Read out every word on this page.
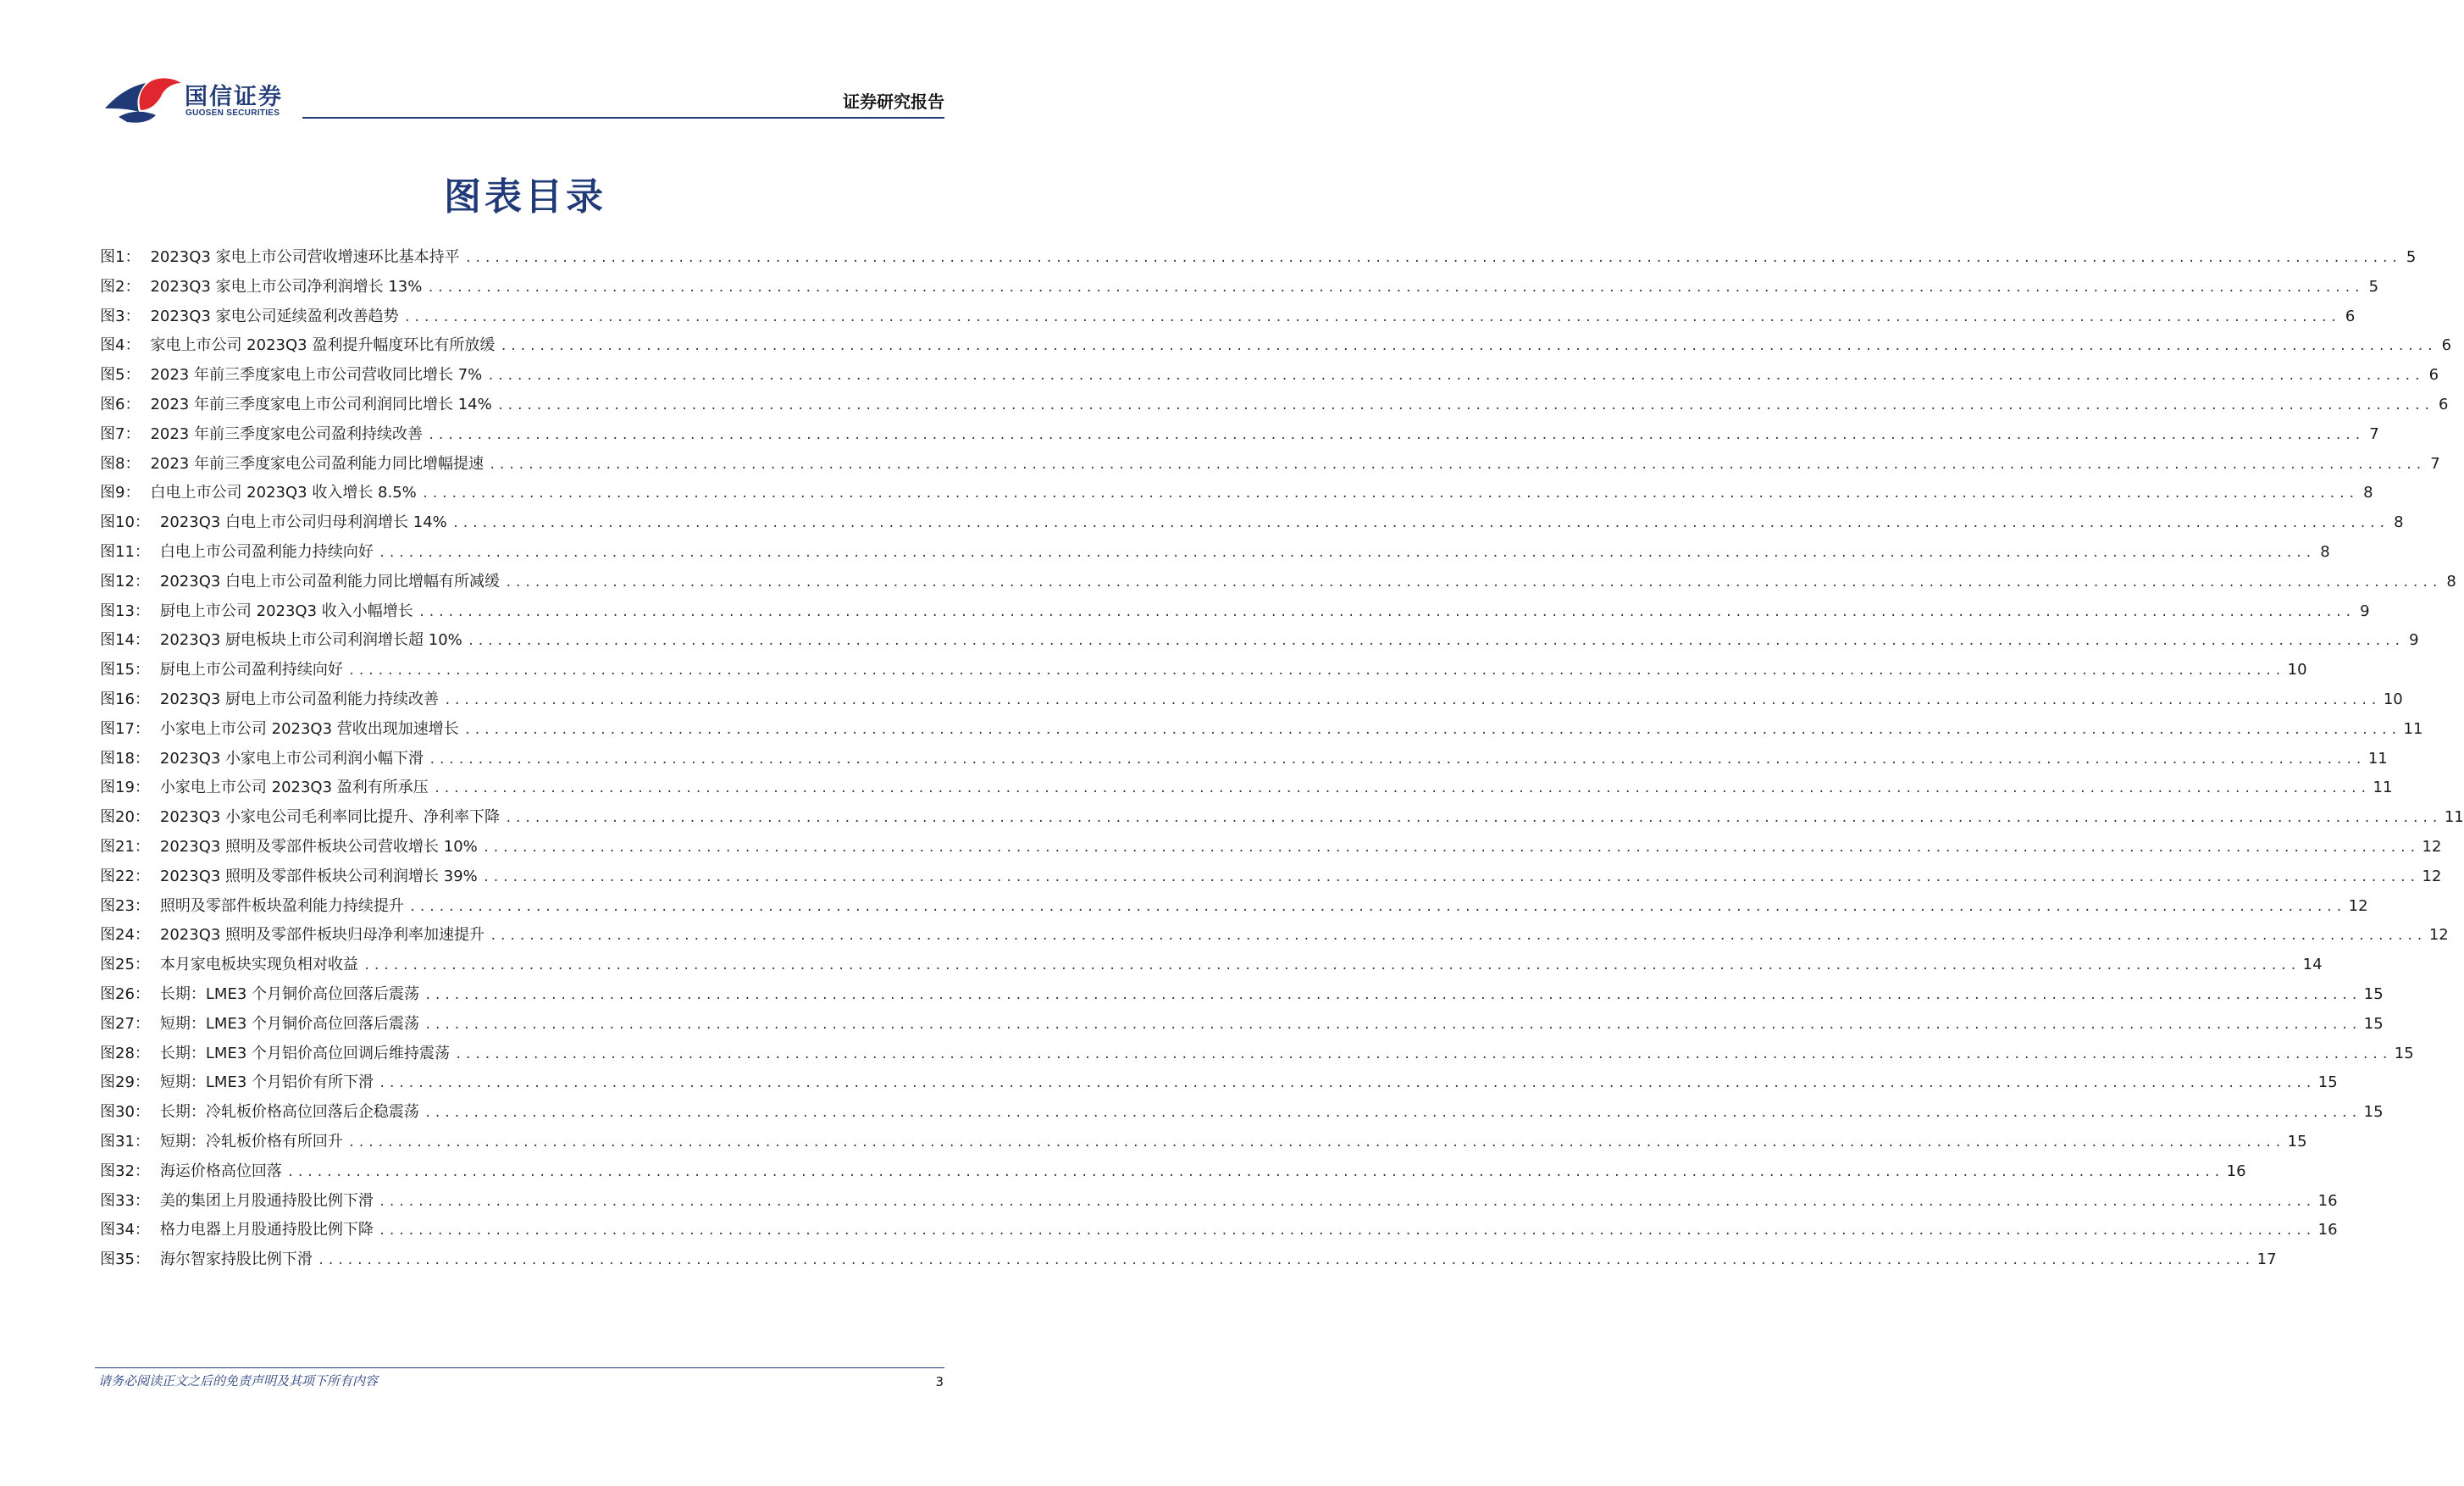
国信证券
GUOSEN SECURITIES
证券研究报告
图表目录
图1： 2023Q3 家电上市公司营收增速环比基本持平 ........................................................................................................................................................................................................ 5
图2： 2023Q3 家电上市公司净利润增长 13% ........................................................................................................................................................................................................ 5
图3： 2023Q3 家电公司延续盈利改善趋势 ........................................................................................................................................................................................................ 6
图4： 家电上市公司 2023Q3 盈利提升幅度环比有所放缓 ........................................................................................................................................................................................................ 6
图5： 2023 年前三季度家电上市公司营收同比增长 7% ........................................................................................................................................................................................................ 6
图6： 2023 年前三季度家电上市公司利润同比增长 14% ........................................................................................................................................................................................................ 6
图7： 2023 年前三季度家电公司盈利持续改善 ........................................................................................................................................................................................................ 7
图8： 2023 年前三季度家电公司盈利能力同比增幅提速 ........................................................................................................................................................................................................ 7
图9： 白电上市公司 2023Q3 收入增长 8.5% ........................................................................................................................................................................................................ 8
图10： 2023Q3 白电上市公司归母利润增长 14% ........................................................................................................................................................................................................ 8
图11： 白电上市公司盈利能力持续向好 ........................................................................................................................................................................................................ 8
图12： 2023Q3 白电上市公司盈利能力同比增幅有所减缓 ........................................................................................................................................................................................................ 8
图13： 厨电上市公司 2023Q3 收入小幅增长 ........................................................................................................................................................................................................ 9
图14： 2023Q3 厨电板块上市公司利润增长超 10% ........................................................................................................................................................................................................ 9
图15： 厨电上市公司盈利持续向好 ........................................................................................................................................................................................................ 10
图16： 2023Q3 厨电上市公司盈利能力持续改善 ........................................................................................................................................................................................................ 10
图17： 小家电上市公司 2023Q3 营收出现加速增长 ........................................................................................................................................................................................................ 11
图18： 2023Q3 小家电上市公司利润小幅下滑 ........................................................................................................................................................................................................ 11
图19： 小家电上市公司 2023Q3 盈利有所承压 ........................................................................................................................................................................................................ 11
图20： 2023Q3 小家电公司毛利率同比提升、净利率下降 ........................................................................................................................................................................................................ 11
图21： 2023Q3 照明及零部件板块公司营收增长 10% ........................................................................................................................................................................................................ 12
图22： 2023Q3 照明及零部件板块公司利润增长 39% ........................................................................................................................................................................................................ 12
图23： 照明及零部件板块盈利能力持续提升 ........................................................................................................................................................................................................ 12
图24： 2023Q3 照明及零部件板块归母净利率加速提升 ........................................................................................................................................................................................................ 12
图25： 本月家电板块实现负相对收益 ........................................................................................................................................................................................................ 14
图26： 长期：LME3 个月铜价高位回落后震荡 ........................................................................................................................................................................................................ 15
图27： 短期：LME3 个月铜价高位回落后震荡 ........................................................................................................................................................................................................ 15
图28： 长期：LME3 个月铝价高位回调后维持震荡 ........................................................................................................................................................................................................ 15
图29： 短期：LME3 个月铝价有所下滑 ........................................................................................................................................................................................................ 15
图30： 长期：冷轧板价格高位回落后企稳震荡 ........................................................................................................................................................................................................ 15
图31： 短期：冷轧板价格有所回升 ........................................................................................................................................................................................................ 15
图32： 海运价格高位回落 ........................................................................................................................................................................................................ 16
图33： 美的集团上月股通持股比例下滑 ........................................................................................................................................................................................................ 16
图34： 格力电器上月股通持股比例下降 ........................................................................................................................................................................................................ 16
图35： 海尔智家持股比例下滑 ........................................................................................................................................................................................................ 17
请务必阅读正文之后的免责声明及其项下所有内容	3
